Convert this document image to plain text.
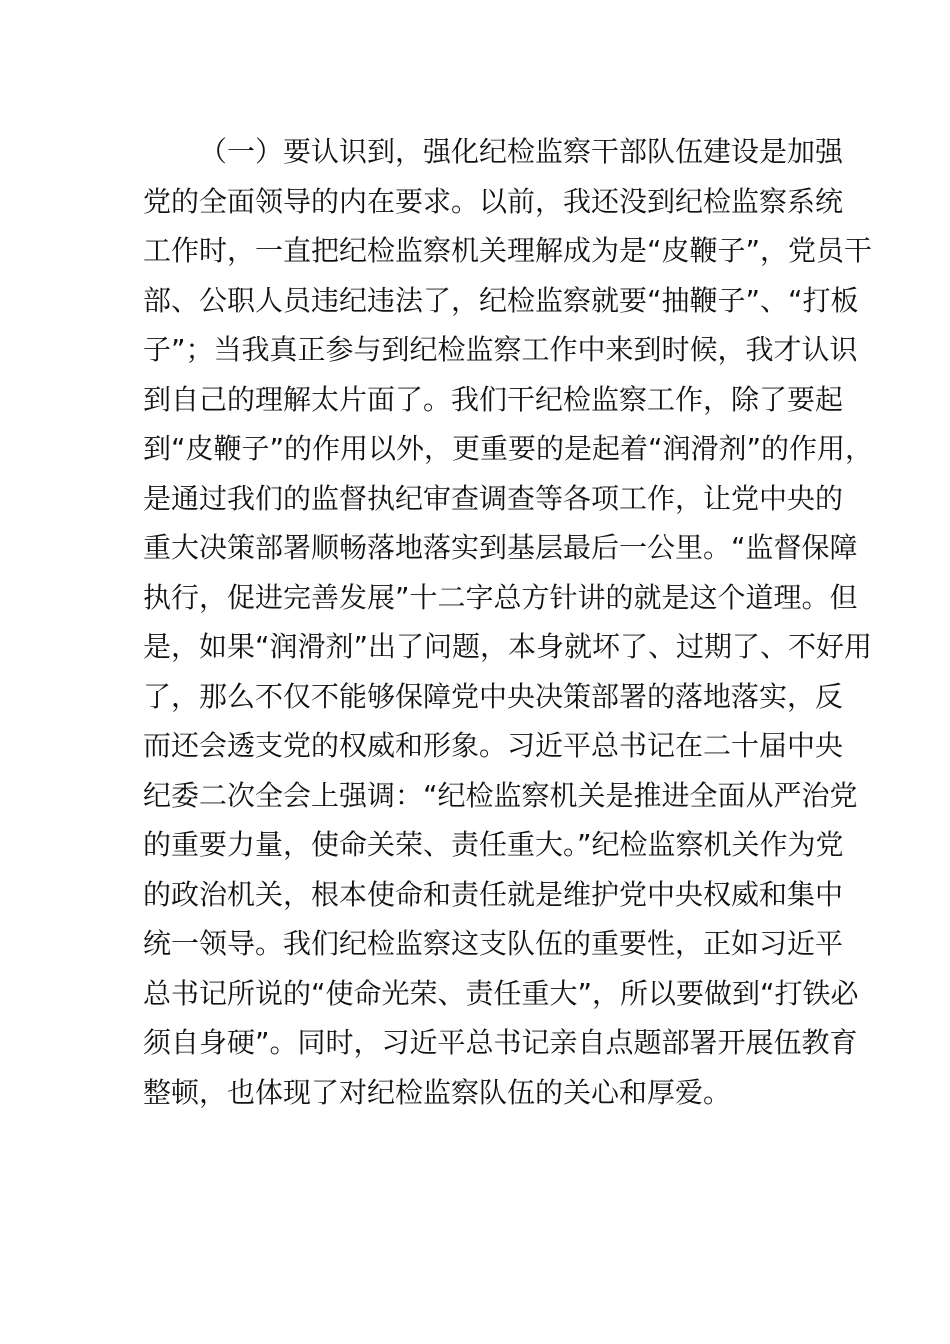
（一）要认识到，强化纪检监察干部队伍建设是加强
党的全面领导的内在要求。以前，我还没到纪检监察系统
工作时，一直把纪检监察机关理解成为是“皮鞭子”，党员干
部、公职人员违纪违法了，纪检监察就要“抽鞭子”、“打板
子”；当我真正参与到纪检监察工作中来到时候，我才认识
到自己的理解太片面了。我们干纪检监察工作，除了要起
到“皮鞭子”的作用以外，更重要的是起着“润滑剂”的作用，
是通过我们的监督执纪审查调查等各项工作，让党中央的
重大决策部署顺畅落地落实到基层最后一公里。“监督保障
执行，促进完善发展”十二字总方针讲的就是这个道理。但
是，如果“润滑剂”出了问题，本身就坏了、过期了、不好用
了，那么不仅不能够保障党中央决策部署的落地落实，反
而还会透支党的权威和形象。习近平总书记在二十届中央
纪委二次全会上强调：“纪检监察机关是推进全面从严治党
的重要力量，使命关荣、责任重大。”纪检监察机关作为党
的政治机关，根本使命和责任就是维护党中央权威和集中
统一领导。我们纪检监察这支队伍的重要性，正如习近平
总书记所说的“使命光荣、责任重大”，所以要做到“打铁必
须自身硬”。同时，习近平总书记亲自点题部署开展伍教育
整顿，也体现了对纪检监察队伍的关心和厚爱。
